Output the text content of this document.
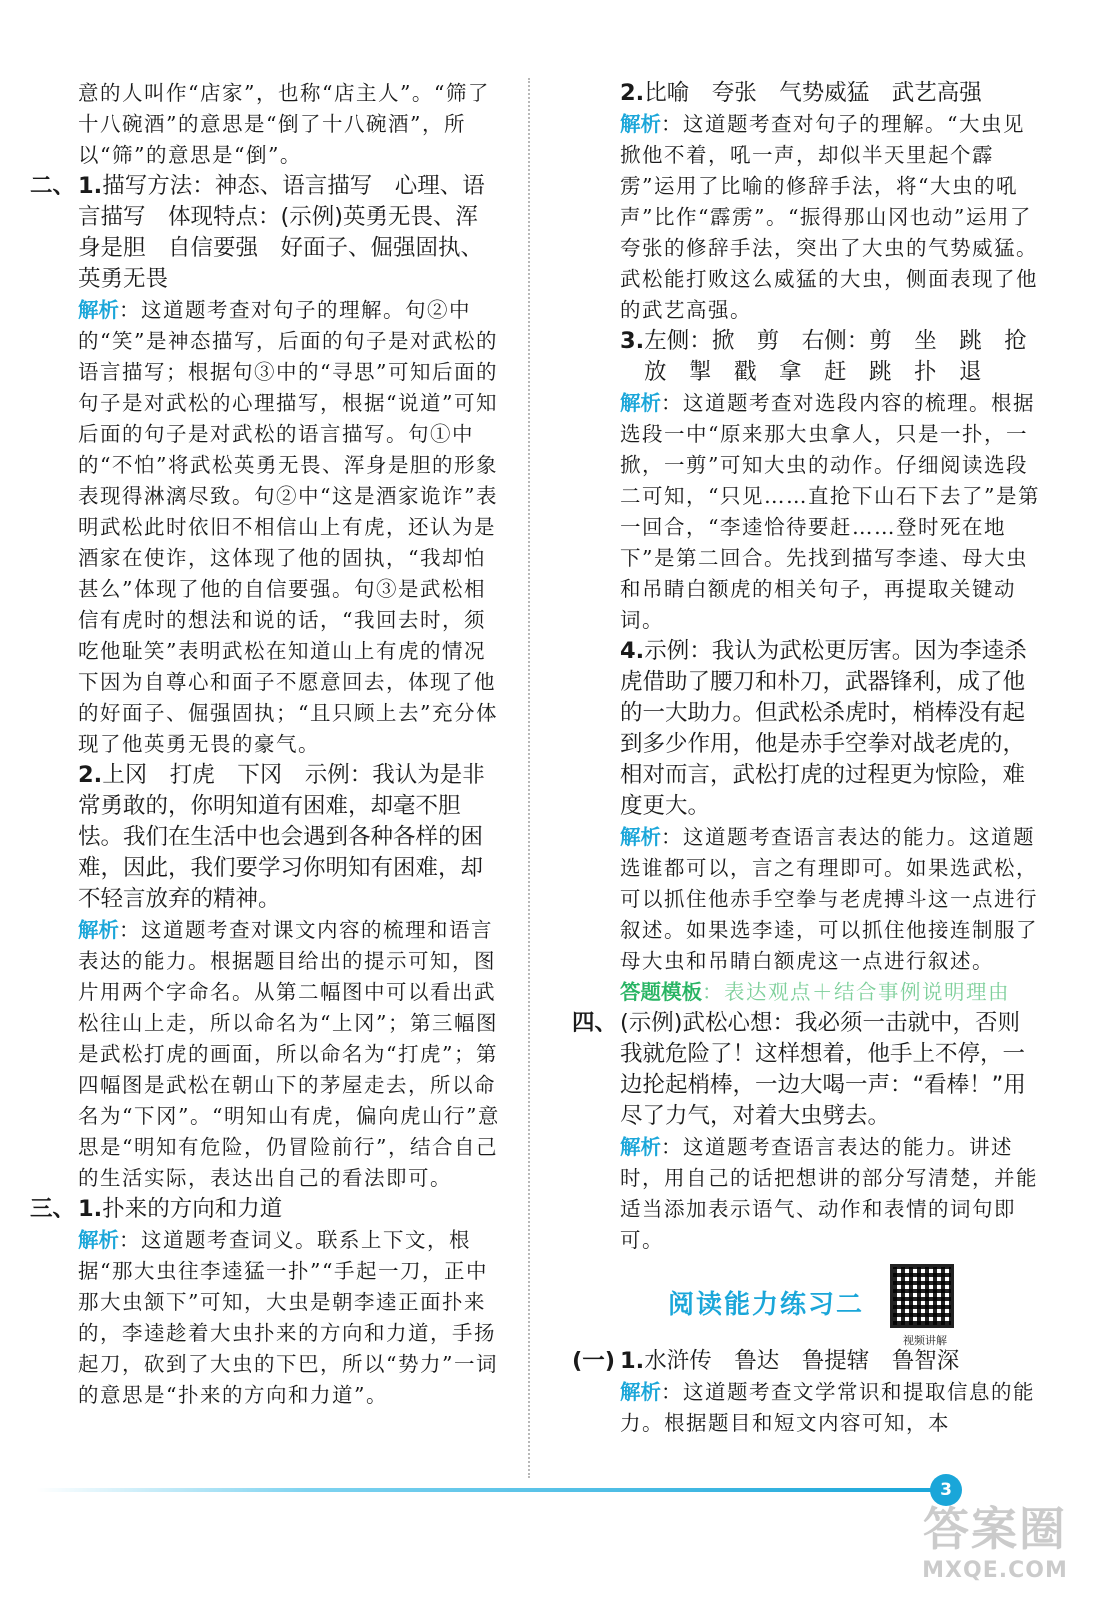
意的人叫作“店家”，也称“店主人”。“筛了十八碗酒”的意思是“倒了十八碗酒”，所以“筛”的意思是“倒”。

二、 1.描写方法：神态、语言描写　心理、语言描写　体现特点：(示例)英勇无畏、浑身是胆　自信要强　好面子、倔强固执、英勇无畏

解析：这道题考查对句子的理解。句②中的“笑”是神态描写，后面的句子是对武松的语言描写；根据句③中的“寻思”可知后面的句子是对武松的心理描写，根据“说道”可知后面的句子是对武松的语言描写。句①中的“不怕”将武松英勇无畏、浑身是胆的形象表现得淋漓尽致。句②中“这是酒家诡诈”表明武松此时依旧不相信山上有虎，还认为是酒家在使诈，这体现了他的固执，“我却怕甚么”体现了他的自信要强。句③是武松相信有虎时的想法和说的话，“我回去时，须吃他耻笑”表明武松在知道山上有虎的情况下因为自尊心和面子不愿意回去，体现了他的好面子、倔强固执；“且只顾上去”充分体现了他英勇无畏的豪气。

2.上冈　打虎　下冈　示例：我认为是非常勇敢的，你明知道有困难，却毫不胆怯。我们在生活中也会遇到各种各样的困难，因此，我们要学习你明知有困难，却不轻言放弃的精神。

解析：这道题考查对课文内容的梳理和语言表达的能力。根据题目给出的提示可知，图片用两个字命名。从第二幅图中可以看出武松往山上走，所以命名为“上冈”；第三幅图是武松打虎的画面，所以命名为“打虎”；第四幅图是武松在朝山下的茅屋走去，所以命名为“下冈”。“明知山有虎，偏向虎山行”意思是“明知有危险，仍冒险前行”，结合自己的生活实际，表达出自己的看法即可。

三、 1.扑来的方向和力道

解析：这道题考查词义。联系上下文，根据“那大虫往李逵猛一扑”“手起一刀，正中那大虫颔下”可知，大虫是朝李逵正面扑来的，李逵趁着大虫扑来的方向和力道，手扬起刀，砍到了大虫的下巴，所以“势力”一词的意思是“扑来的方向和力道”。

2.比喻　夸张　气势威猛　武艺高强

解析：这道题考查对句子的理解。“大虫见掀他不着，吼一声，却似半天里起个霹雳”运用了比喻的修辞手法，将“大虫的吼声”比作“霹雳”。“振得那山冈也动”运用了夸张的修辞手法，突出了大虫的气势威猛。武松能打败这么威猛的大虫，侧面表现了他的武艺高强。

3.左侧：掀　剪　右侧：剪　坐　跳　抢

放　掣　戳　拿　赶　跳　扑　退

解析：这道题考查对选段内容的梳理。根据选段一中“原来那大虫拿人，只是一扑，一掀，一剪”可知大虫的动作。仔细阅读选段二可知，“只见……直抢下山石下去了”是第一回合，“李逵恰待要赶……登时死在地下”是第二回合。先找到描写李逵、母大虫和吊睛白额虎的相关句子，再提取关键动词。

4.示例：我认为武松更厉害。因为李逵杀虎借助了腰刀和朴刀，武器锋利，成了他的一大助力。但武松杀虎时，梢棒没有起到多少作用，他是赤手空拳对战老虎的，相对而言，武松打虎的过程更为惊险，难度更大。

解析：这道题考查语言表达的能力。这道题选谁都可以，言之有理即可。如果选武松，可以抓住他赤手空拳与老虎搏斗这一点进行叙述。如果选李逵，可以抓住他接连制服了母大虫和吊睛白额虎这一点进行叙述。

答题模板：表达观点＋结合事例说明理由

四、 (示例)武松心想：我必须一击就中，否则我就危险了！这样想着，他手上不停，一边抡起梢棒，一边大喝一声：“看棒！”用尽了力气，对着大虫劈去。

解析：这道题考查语言表达的能力。讲述时，用自己的话把想讲的部分写清楚，并能适当添加表示语气、动作和表情的词句即可。

阅读能力练习二
视频讲解
(一) 1.水浒传　鲁达　鲁提辖　鲁智深

解析：这道题考查文学常识和提取信息的能力。根据题目和短文内容可知，本

3
答案圈
MXQE.COM
